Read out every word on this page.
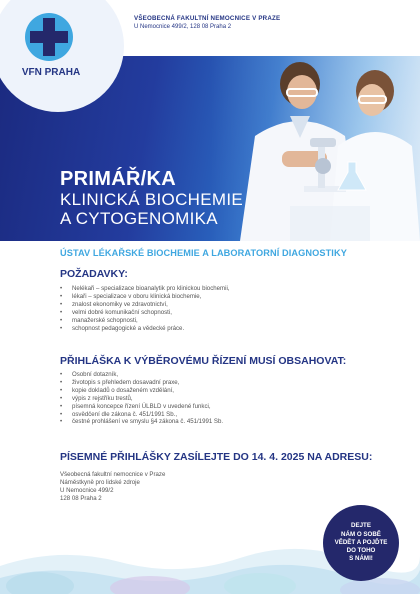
PRIMÁŘ/KA
KLINICKÁ BIOCHEMIE
A CYTOGENOMIKA
VFN PRAHA
VŠEOBECNÁ FAKULTNÍ NEMOCNICE V PRAZE
U Nemocnice 499/2, 128 08 Praha 2
ÚSTAV LÉKAŘSKÉ BIOCHEMIE A LABORATORNÍ DIAGNOSTIKY
POŽADAVKY:
• Nelékaři – specializace bioanalytik pro klinickou biochemii,
• lékaři – specializace v oboru klinická biochemie,
• znalost ekonomiky ve zdravotnictví,
• velmi dobré komunikační schopnosti,
• manažerské schopnosti,
• schopnost pedagogické a vědecké práce.
PŘIHLÁŠKA K VÝBĚROVÉMU ŘÍZENÍ MUSÍ OBSAHOVAT:
• Osobní dotazník,
• životopis s přehledem dosavadní praxe,
• kopie dokladů o dosaženém vzdělání,
• výpis z rejstříku trestů,
• písemná koncepce řízení ÚLBLD v uvedené funkci,
• osvědčení dle zákona č. 451/1991 Sb.,
• čestné prohlášení ve smyslu §4 zákona č. 451/1991 Sb.
PÍSEMNÉ PŘIHLÁŠKY ZASÍLEJTE DO 14. 4. 2025 NA ADRESU:
Všeobecná fakultní nemocnice v Praze
Náměstkyně pro lidské zdroje
U Nemocnice 499/2
128 08 Praha 2
DEJTE
NÁM O SOBĚ
VĚDĚT A POJĎTE
DO TOHO
S NÁMI!
